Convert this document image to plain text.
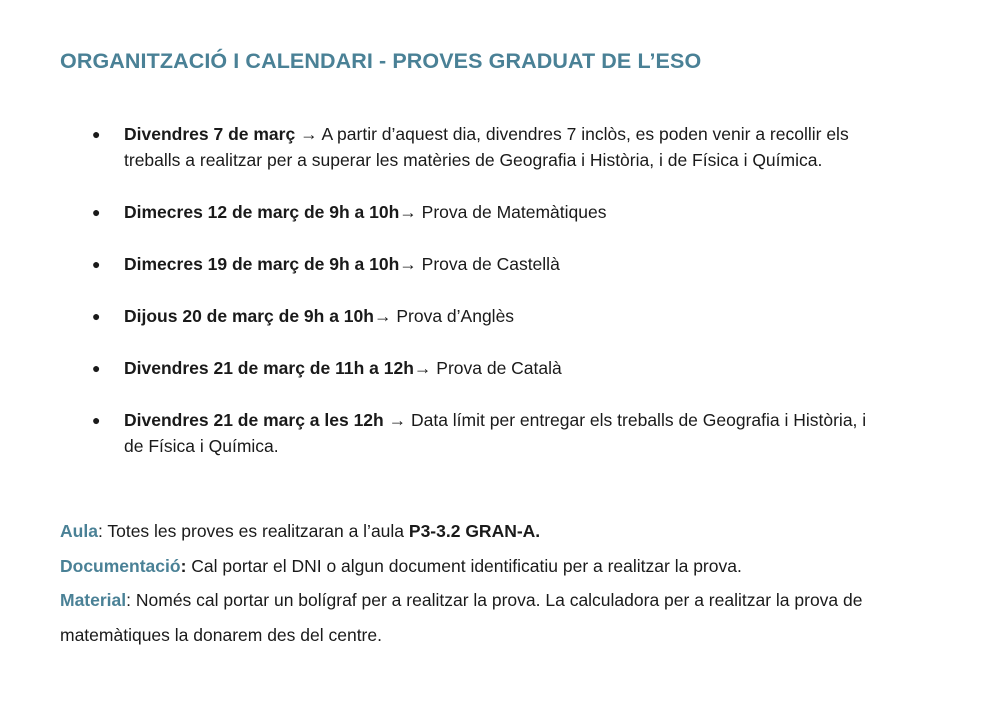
ORGANITZACIÓ I CALENDARI - PROVES GRADUAT DE L’ESO
● Divendres 7 de març → A partir d’aquest dia, divendres 7 inclòs, es poden venir a recollir els treballs a realitzar per a superar les matèries de Geografia i Història, i de Física i Química.
● Dimecres 12 de març de 9h a 10h→ Prova de Matemàtiques
● Dimecres 19 de març de 9h a 10h→ Prova de Castellà
● Dijous 20 de març de 9h a 10h→ Prova d’Anglès
● Divendres 21 de març de 11h a 12h→ Prova de Català
● Divendres 21 de març a les 12h → Data límit per entregar els treballs de Geografia i Història, i de Física i Química.

Aula: Totes les proves es realitzaran a l’aula P3-3.2 GRAN-A.

Documentació: Cal portar el DNI o algun document identificatiu per a realitzar la prova.

Material: Només cal portar un bolígraf per a realitzar la prova. La calculadora per a realitzar la prova de matemàtiques la donarem des del centre.
